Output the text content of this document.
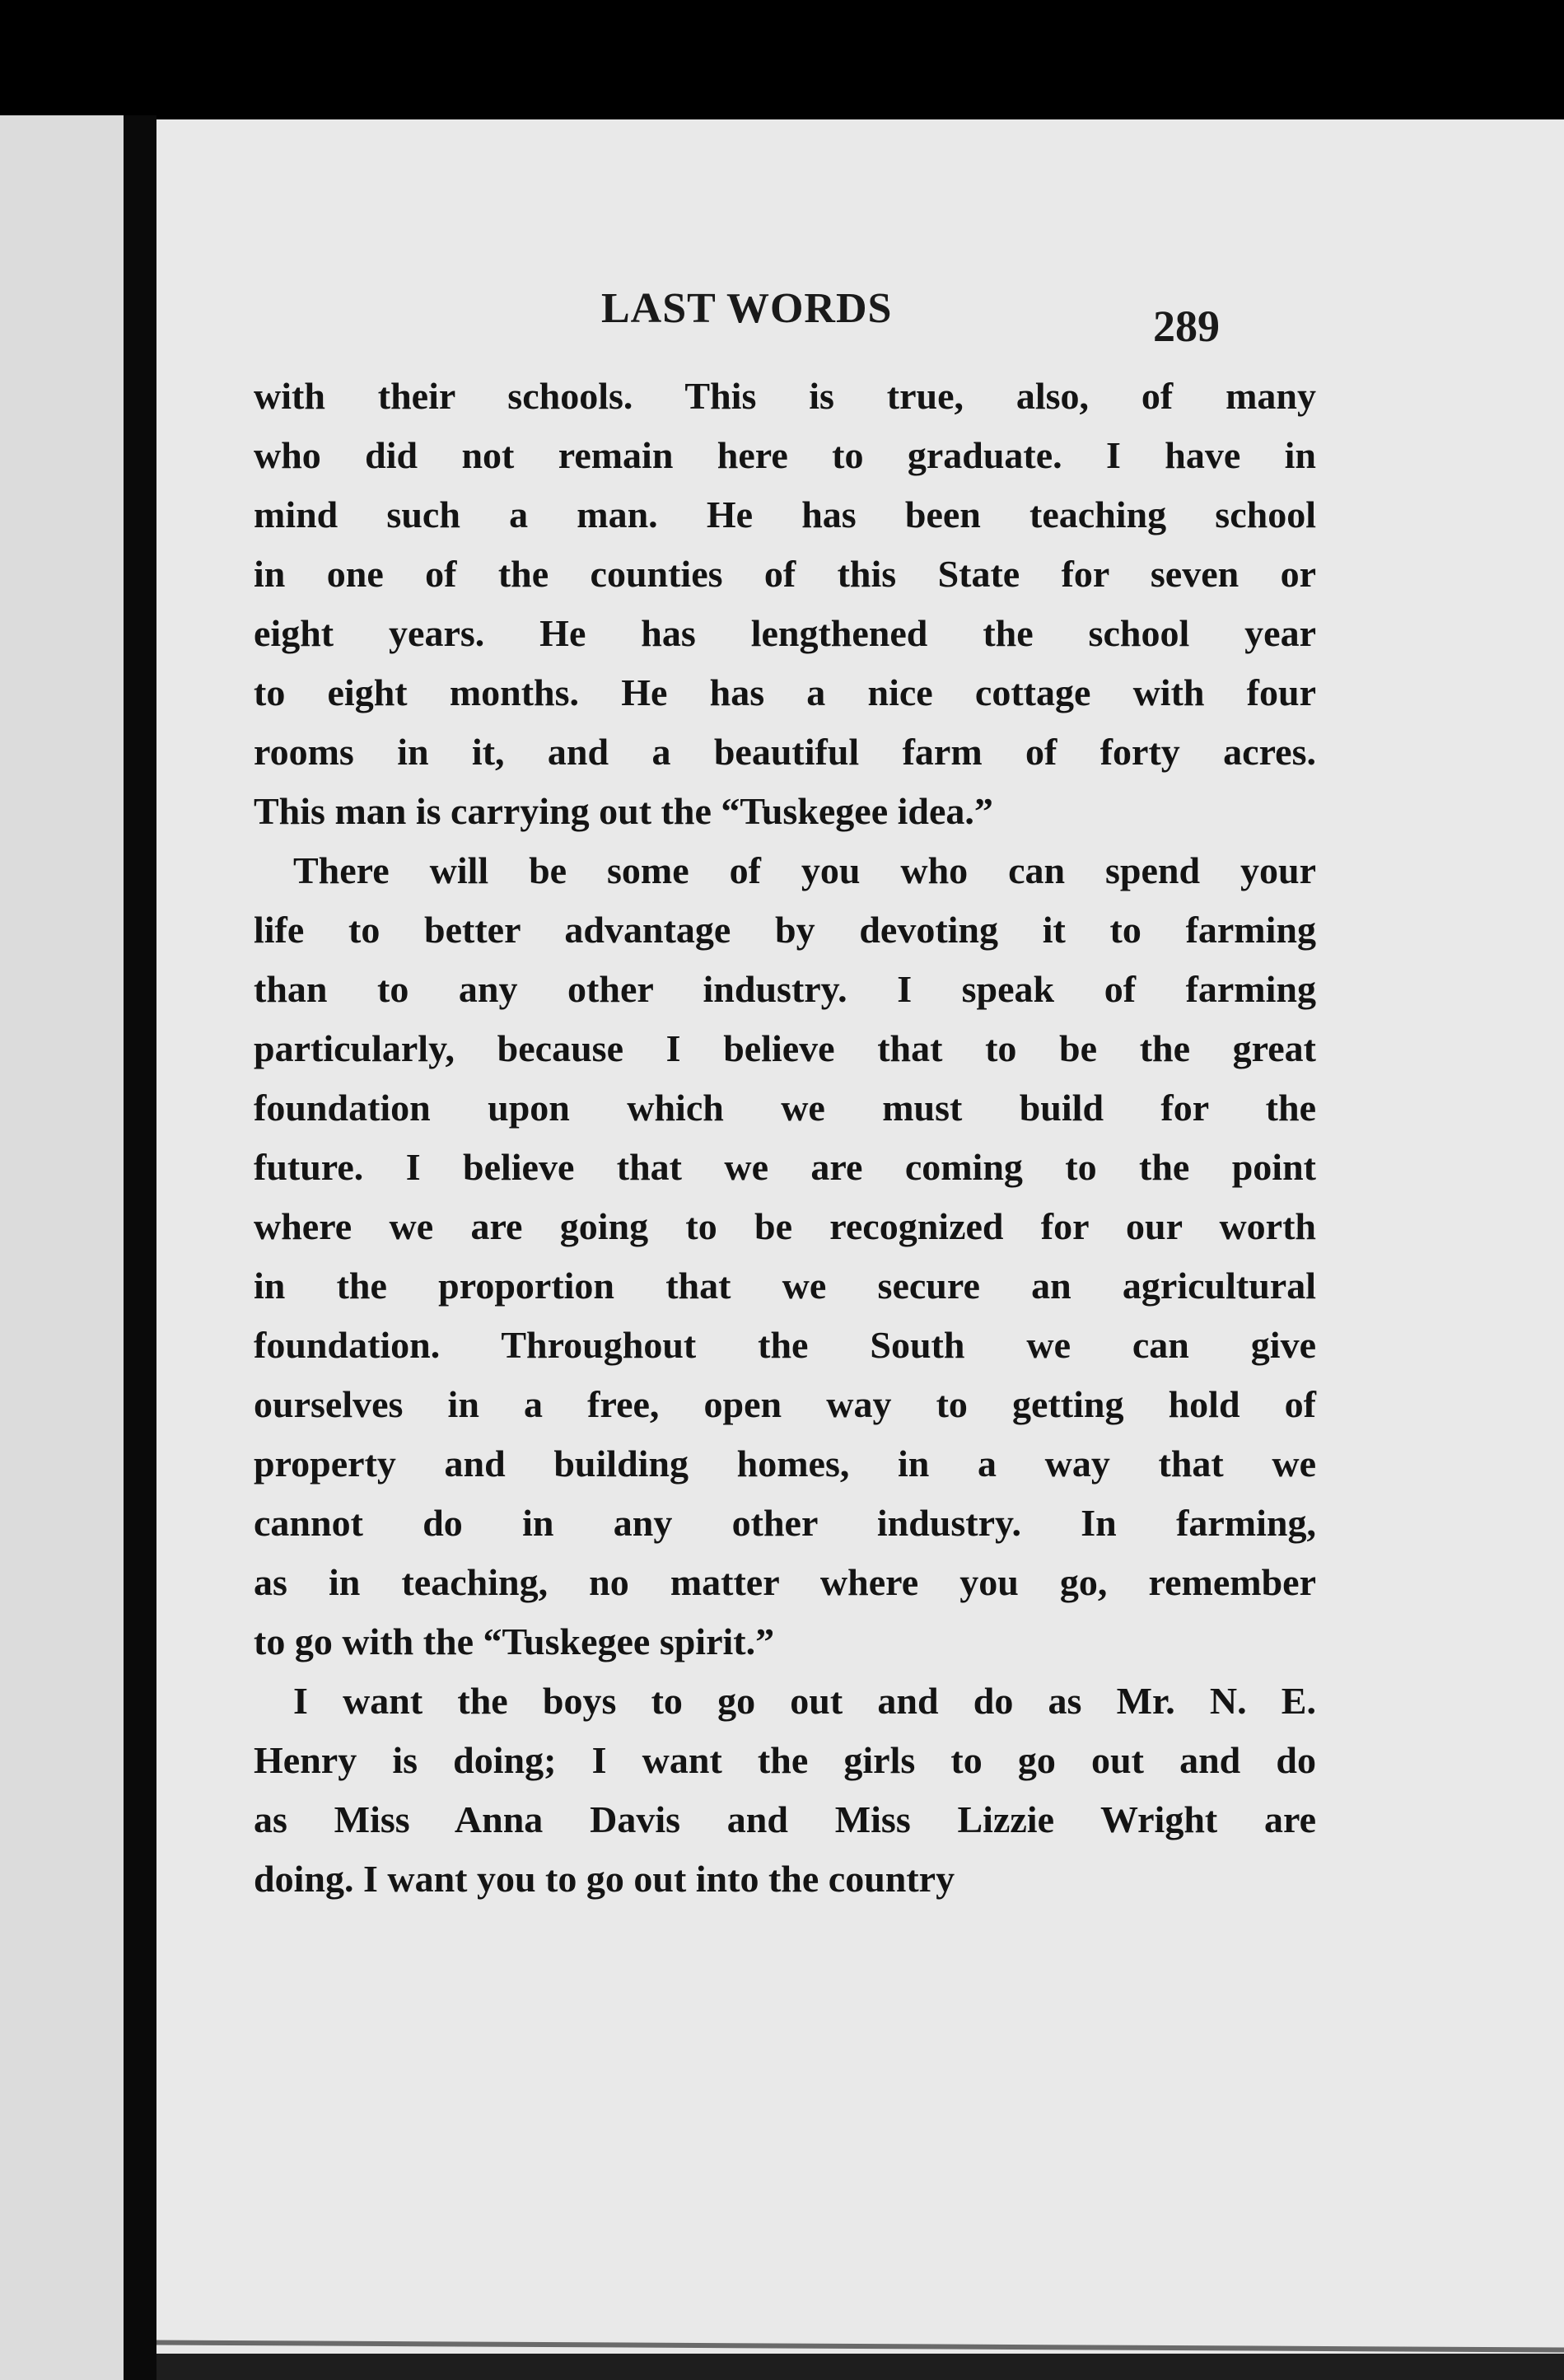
LAST WORDS	289
with their schools. This is true, also, of many
who did not remain here to graduate. I have in
mind such a man. He has been teaching school
in one of the counties of this State for seven or
eight years. He has lengthened the school year
to eight months. He has a nice cottage with four
rooms in it, and a beautiful farm of forty acres.
This man is carrying out the “Tuskegee idea.”
There will be some of you who can spend your
life to better advantage by devoting it to farming
than to any other industry. I speak of farming
particularly, because I believe that to be the great
foundation upon which we must build for the
future. I believe that we are coming to the point
where we are going to be recognized for our worth
in the proportion that we secure an agricultural
foundation. Throughout the South we can give
ourselves in a free, open way to getting hold of
property and building homes, in a way that we
cannot do in any other industry. In farming,
as in teaching, no matter where you go, remember
to go with the “Tuskegee spirit.”
I want the boys to go out and do as Mr. N. E.
Henry is doing; I want the girls to go out and do
as Miss Anna Davis and Miss Lizzie Wright are
doing. I want you to go out into the country
